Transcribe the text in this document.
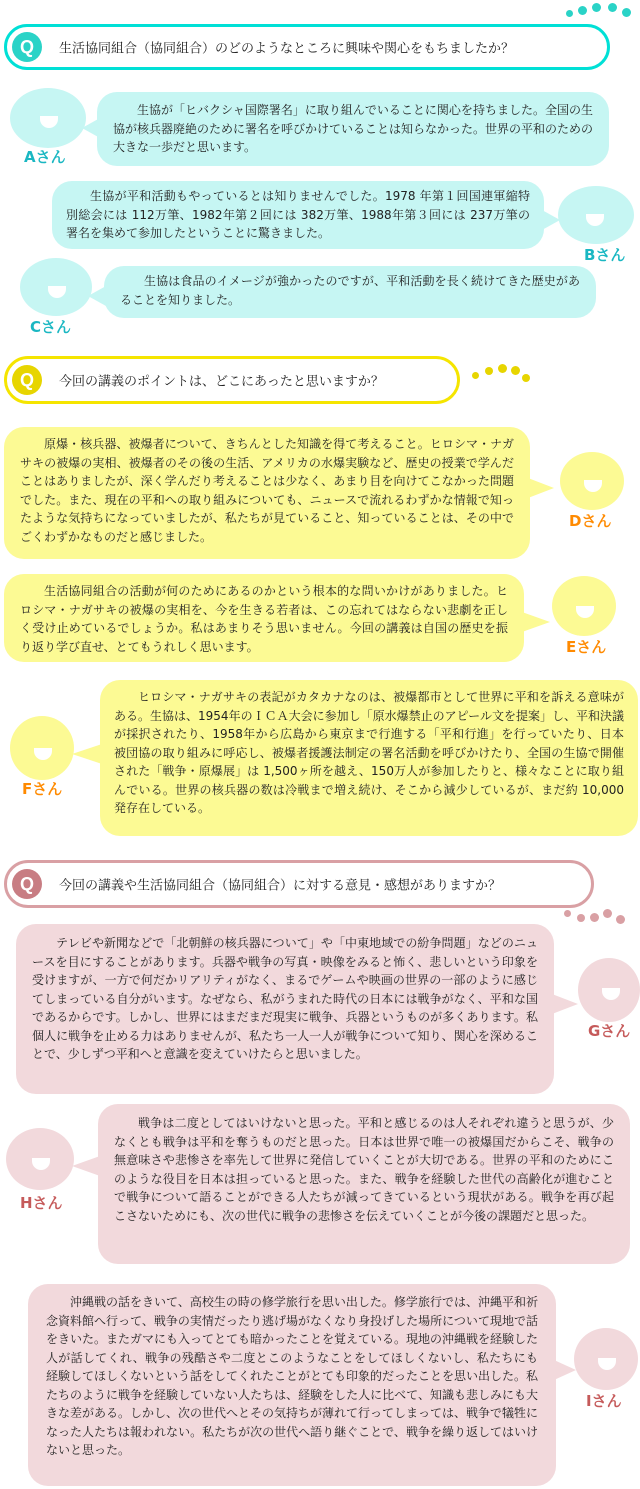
Q	生活協同組合（協同組合）のどのようなところに興味や関心をもちましたか？
Aさん
生協が「ヒバクシャ国際署名」に取り組んでいることに関心を持ちました。全国の生協が核兵器廃絶のために署名を呼びかけていることは知らなかった。世界の平和のための大きな一歩だと思います。
生協が平和活動もやっているとは知りませんでした。1978 年第１回国連軍縮特別総会には 112万筆、1982年第２回には 382万筆、1988年第３回には 237万筆の署名を集めて参加したということに驚きました。
Bさん
Cさん
生協は食品のイメージが強かったのですが、平和活動を長く続けてきた歴史があることを知りました。
Q	今回の講義のポイントは、どこにあったと思いますか？
原爆・核兵器、被爆者について、きちんとした知識を得て考えること。ヒロシマ・ナガサキの被爆の実相、被爆者のその後の生活、アメリカの水爆実験など、歴史の授業で学んだことはありましたが、深く学んだり考えることは少なく、あまり目を向けてこなかった問題でした。また、現在の平和への取り組みについても、ニュースで流れるわずかな情報で知ったような気持ちになっていましたが、私たちが見ていること、知っていることは、その中でごくわずかなものだと感じました。
Dさん
生活協同組合の活動が何のためにあるのかという根本的な問いかけがありました。ヒロシマ・ナガサキの被爆の実相を、今を生きる若者は、この忘れてはならない悲劇を正しく受け止めているでしょうか。私はあまりそう思いません。今回の講義は自国の歴史を振り返り学び直せ、とてもうれしく思います。	Eさん
Fさん
ヒロシマ・ナガサキの表記がカタカナなのは、被爆都市として世界に平和を訴える意味がある。生協は、1954年のＩＣＡ大会に参加し「原水爆禁止のアピール文を提案」し、平和決議が採択されたり、1958年から広島から東京まで行進する「平和行進」を行っていたり、日本被団協の取り組みに呼応し、被爆者援護法制定の署名活動を呼びかけたり、全国の生協で開催された「戦争・原爆展」は 1,500ヶ所を越え、150万人が参加したりと、様々なことに取り組んでいる。世界の核兵器の数は冷戦まで増え続け、そこから減少しているが、まだ約 10,000発存在している。
Q	今回の講義や生活協同組合（協同組合）に対する意見・感想がありますか？
テレビや新聞などで「北朝鮮の核兵器について」や「中東地域での紛争問題」などのニュースを目にすることがあります。兵器や戦争の写真・映像をみると怖く、悲しいという印象を受けますが、一方で何だかリアリティがなく、まるでゲームや映画の世界の一部のように感じてしまっている自分がいます。なぜなら、私がうまれた時代の日本には戦争がなく、平和な国であるからです。しかし、世界にはまだまだ現実に戦争、兵器というものが多くあります。私個人に戦争を止める力はありませんが、私たち一人一人が戦争について知り、関心を深めることで、少しずつ平和へと意識を変えていけたらと思いました。
Gさん
Hさん
戦争は二度としてはいけないと思った。平和と感じるのは人それぞれ違うと思うが、少なくとも戦争は平和を奪うものだと思った。日本は世界で唯一の被爆国だからこそ、戦争の無意味さや悲惨さを率先して世界に発信していくことが大切である。世界の平和のためにこのような役目を日本は担っていると思った。また、戦争を経験した世代の高齢化が進むことで戦争について語ることができる人たちが減ってきているという現状がある。戦争を再び起こさないためにも、次の世代に戦争の悲惨さを伝えていくことが今後の課題だと思った。
沖縄戦の話をきいて、高校生の時の修学旅行を思い出した。修学旅行では、沖縄平和祈念資料館へ行って、戦争の実情だったり逃げ場がなくなり身投げした場所について現地で話をきいた。またガマにも入ってとても暗かったことを覚えている。現地の沖縄戦を経験した人が話してくれ、戦争の残酷さや二度とこのようなことをしてほしくないし、私たちにも経験してほしくないという話をしてくれたことがとても印象的だったことを思い出した。私たちのように戦争を経験していない人たちは、経験をした人に比べて、知識も悲しみにも大きな差がある。しかし、次の世代へとその気持ちが薄れて行ってしまっては、戦争で犠牲になった人たちは報われない。私たちが次の世代へ語り継ぐことで、戦争を繰り返してはいけないと思った。
Iさん
